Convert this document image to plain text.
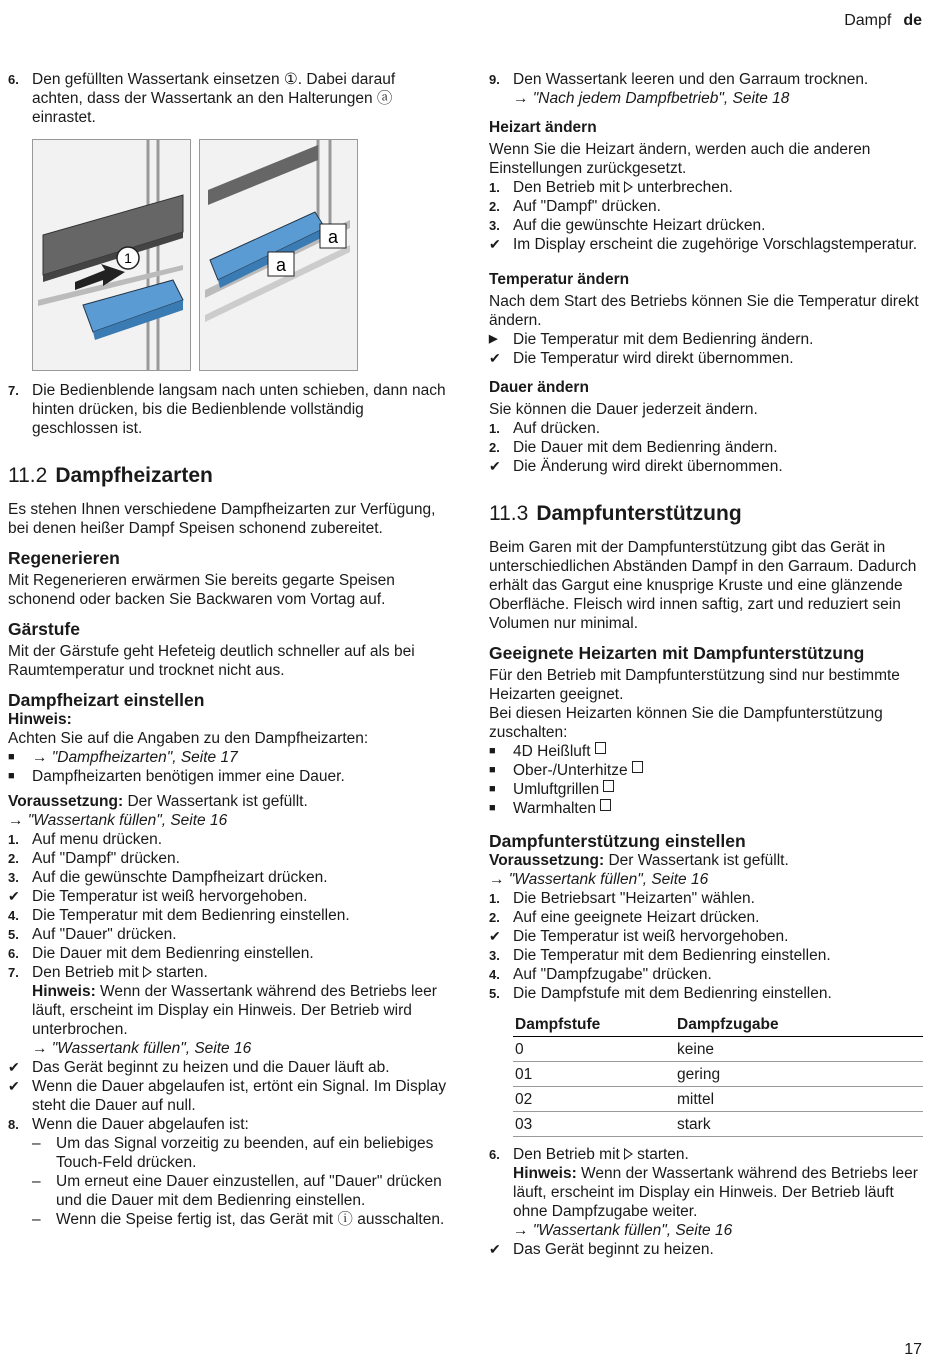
Dampf de
6. Den gefüllten Wassertank einsetzen ①. Dabei darauf achten, dass der Wassertank an den Halterungen ⓐ einrastet.
1
a
a
7. Die Bedienblende langsam nach unten schieben, dann nach hinten drücken, bis die Bedienblende vollständig geschlossen ist.
11.2 Dampfheizarten
Es stehen Ihnen verschiedene Dampfheizarten zur Verfügung, bei denen heißer Dampf Speisen schonend zubereitet.
Regenerieren
Mit Regenerieren erwärmen Sie bereits gegarte Speisen schonend oder backen Sie Backwaren vom Vortag auf.
Gärstufe
Mit der Gärstufe geht Hefeteig deutlich schneller auf als bei Raumtemperatur und trocknet nicht aus.
Dampfheizart einstellen
Hinweis:
Achten Sie auf die Angaben zu den Dampfheizarten:
■	→ "Dampfheizarten", Seite 17
■	Dampfheizarten benötigen immer eine Dauer.
Voraussetzung: Der Wassertank ist gefüllt.
→ "Wassertank füllen", Seite 16
1. Auf menu drücken.
2. Auf "Dampf" drücken.
3. Auf die gewünschte Dampfheizart drücken.
✔ Die Temperatur ist weiß hervorgehoben.
4. Die Temperatur mit dem Bedienring einstellen.
5. Auf "Dauer" drücken.
6. Die Dauer mit dem Bedienring einstellen.
7. Den Betrieb mit starten.
Hinweis: Wenn der Wassertank während des Betriebs leer läuft, erscheint im Display ein Hinweis. Der Betrieb wird unterbrochen.
→ "Wassertank füllen", Seite 16
✔ Das Gerät beginnt zu heizen und die Dauer läuft ab.
✔ Wenn die Dauer abgelaufen ist, ertönt ein Signal. Im Display steht die Dauer auf null.
8. Wenn die Dauer abgelaufen ist:
– Um das Signal vorzeitig zu beenden, auf ein beliebiges Touch-Feld drücken.
– Um erneut eine Dauer einzustellen, auf "Dauer" drücken und die Dauer mit dem Bedienring einstellen.
– Wenn die Speise fertig ist, das Gerät mit ⓘ ausschalten.
9. Den Wassertank leeren und den Garraum trocknen.
→ "Nach jedem Dampfbetrieb", Seite 18
Heizart ändern
Wenn Sie die Heizart ändern, werden auch die anderen Einstellungen zurückgesetzt.
1. Den Betrieb mit unterbrechen.
2. Auf "Dampf" drücken.
3. Auf die gewünschte Heizart drücken.
✔ Im Display erscheint die zugehörige Vorschlagstemperatur.
Temperatur ändern
Nach dem Start des Betriebs können Sie die Temperatur direkt ändern.
▶	Die Temperatur mit dem Bedienring ändern.
✔ Die Temperatur wird direkt übernommen.
Dauer ändern
Sie können die Dauer jederzeit ändern.
1. Auf drücken.
2. Die Dauer mit dem Bedienring ändern.
✔ Die Änderung wird direkt übernommen.
11.3 Dampfunterstützung
Beim Garen mit der Dampfunterstützung gibt das Gerät in unterschiedlichen Abständen Dampf in den Garraum. Dadurch erhält das Gargut eine knusprige Kruste und eine glänzende Oberfläche. Fleisch wird innen saftig, zart und reduziert sein Volumen nur minimal.
Geeignete Heizarten mit Dampfunterstützung
Für den Betrieb mit Dampfunterstützung sind nur bestimmte Heizarten geeignet.
Bei diesen Heizarten können Sie die Dampfunterstützung zuschalten:
■	4D Heißluft
■	Ober-/Unterhitze
■	Umluftgrillen
■	Warmhalten
Dampfunterstützung einstellen
Voraussetzung: Der Wassertank ist gefüllt.
→ "Wassertank füllen", Seite 16
1. Die Betriebsart "Heizarten" wählen.
2. Auf eine geeignete Heizart drücken.
✔ Die Temperatur ist weiß hervorgehoben.
3. Die Temperatur mit dem Bedienring einstellen.
4. Auf "Dampfzugabe" drücken.
5. Die Dampfstufe mit dem Bedienring einstellen.
Dampfstufe	Dampfzugabe
0	keine
01	gering
02	mittel
03	stark
6. Den Betrieb mit starten.
Hinweis: Wenn der Wassertank während des Betriebs leer läuft, erscheint im Display ein Hinweis. Der Betrieb läuft ohne Dampfzugabe weiter.
→ "Wassertank füllen", Seite 16
✔ Das Gerät beginnt zu heizen.
17
